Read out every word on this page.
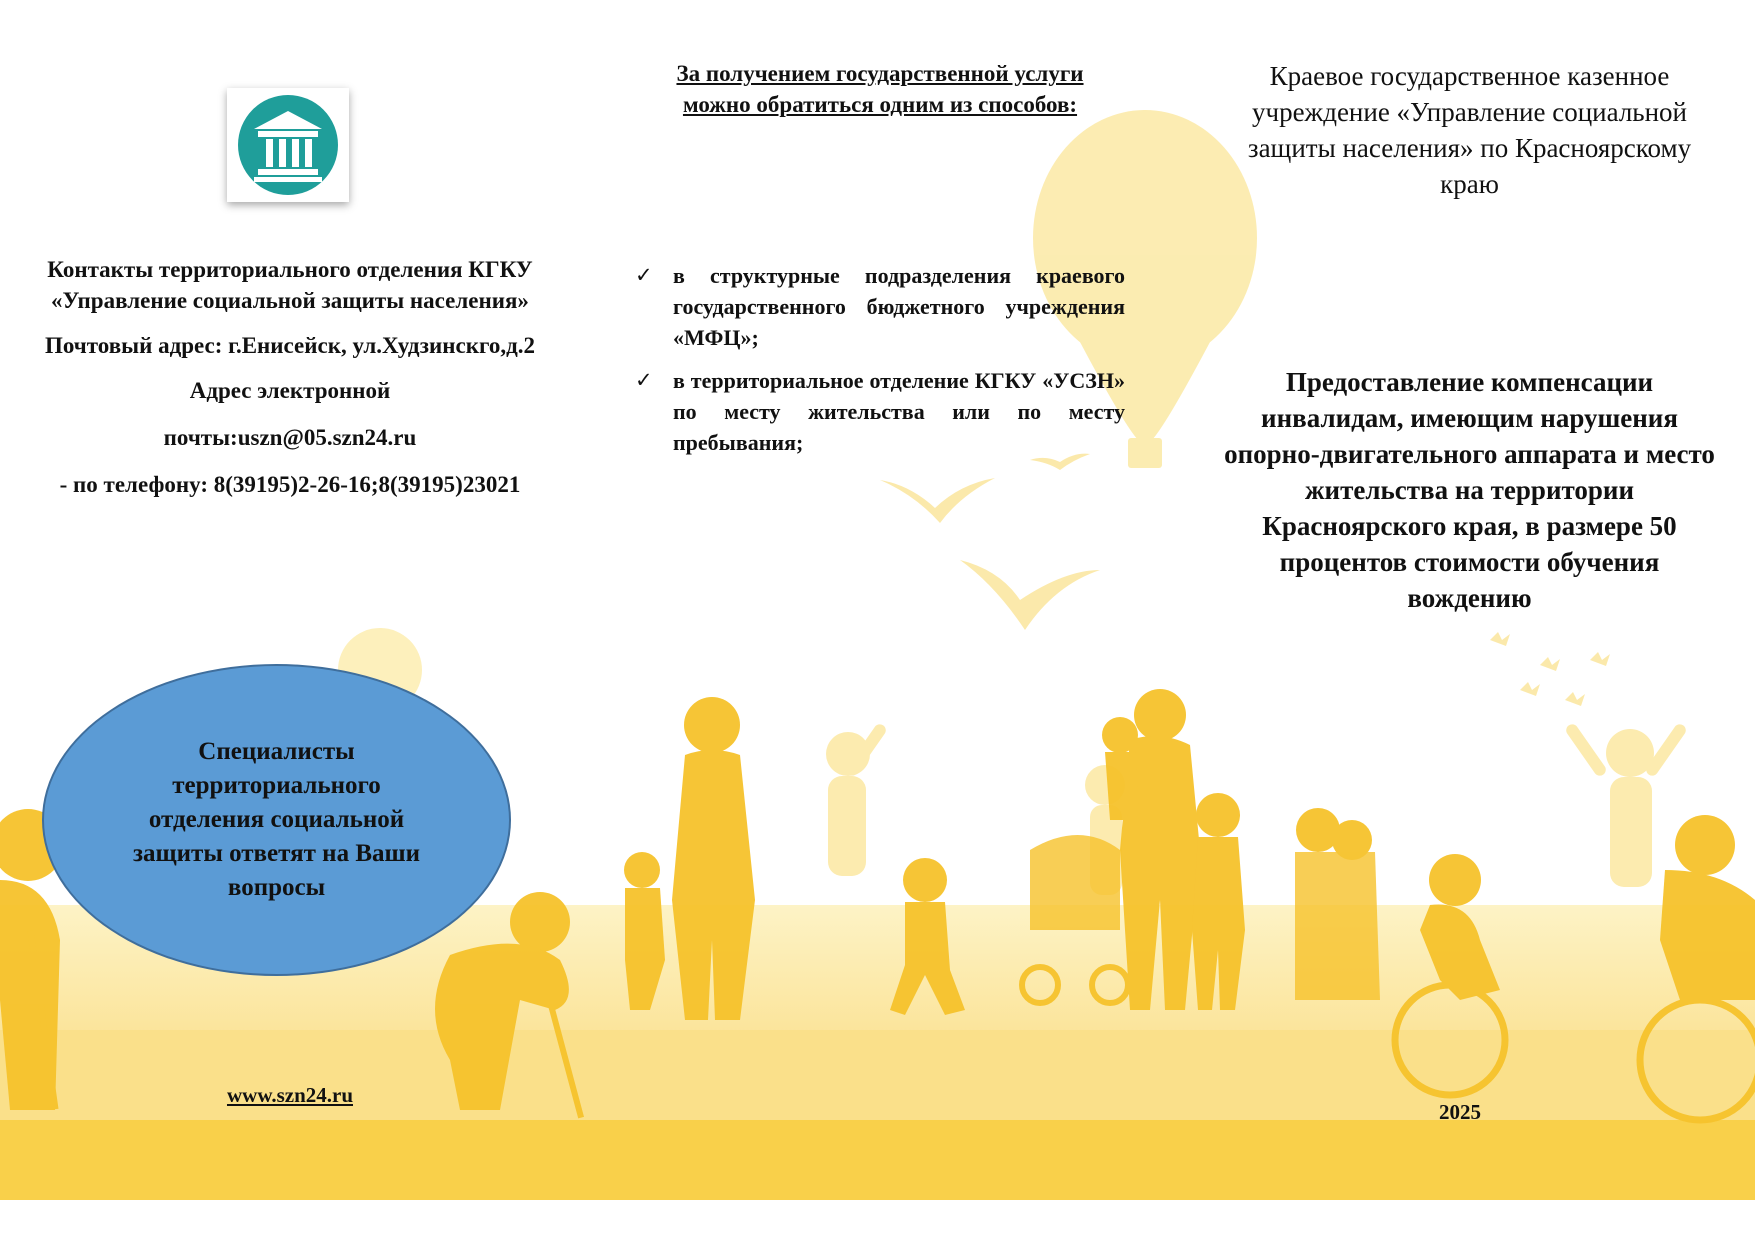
Контакты территориального отделения КГКУ «Управление социальной защиты населения»

Почтовый адрес: г.Енисейск, ул.Худзинскго,д.2

Адрес электронной

почты:uszn@05.szn24.ru

- по телефону: 8(39195)2-26-16;8(39195)23021

Специалисты территориального отделения социальной защиты ответят на Ваши вопросы
www.szn24.ru
За получением государственной услуги можно обратиться одним из способов:
✓ в структурные подразделения краевого государственного бюджетного учреждения «МФЦ»;
✓ в территориальное отделение КГКУ «УСЗН» по месту жительства или по месту пребывания;
Краевое государственное казенное учреждение «Управление социальной защиты населения» по Красноярскому краю
Предоставление компенсации инвалидам, имеющим нарушения опорно-двигательного аппарата и место жительства на территории Красноярского края, в размере 50 процентов стоимости обучения вождению
2025
